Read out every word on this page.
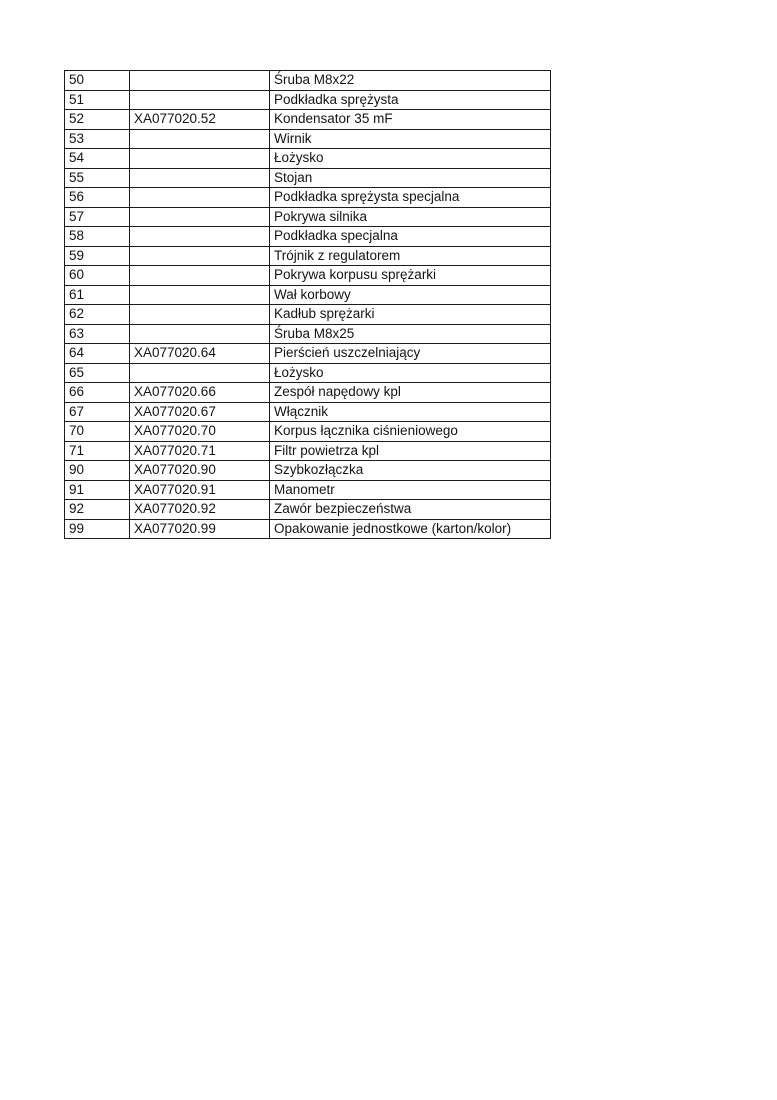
50		Śruba M8x22
51		Podkładka sprężysta
52	XA077020.52	Kondensator 35 mF
53		Wirnik
54		Łożysko
55		Stojan
56		Podkładka sprężysta specjalna
57		Pokrywa silnika
58		Podkładka specjalna
59		Trójnik z regulatorem
60		Pokrywa korpusu sprężarki
61		Wał korbowy
62		Kadłub sprężarki
63		Śruba M8x25
64	XA077020.64	Pierścień uszczelniający
65		Łożysko
66	XA077020.66	Zespół napędowy kpl
67	XA077020.67	Włącznik
70	XA077020.70	Korpus łącznika ciśnieniowego
71	XA077020.71	Filtr powietrza kpl
90	XA077020.90	Szybkozłączka
91	XA077020.91	Manometr
92	XA077020.92	Zawór bezpieczeństwa
99	XA077020.99	Opakowanie jednostkowe (karton/kolor)
